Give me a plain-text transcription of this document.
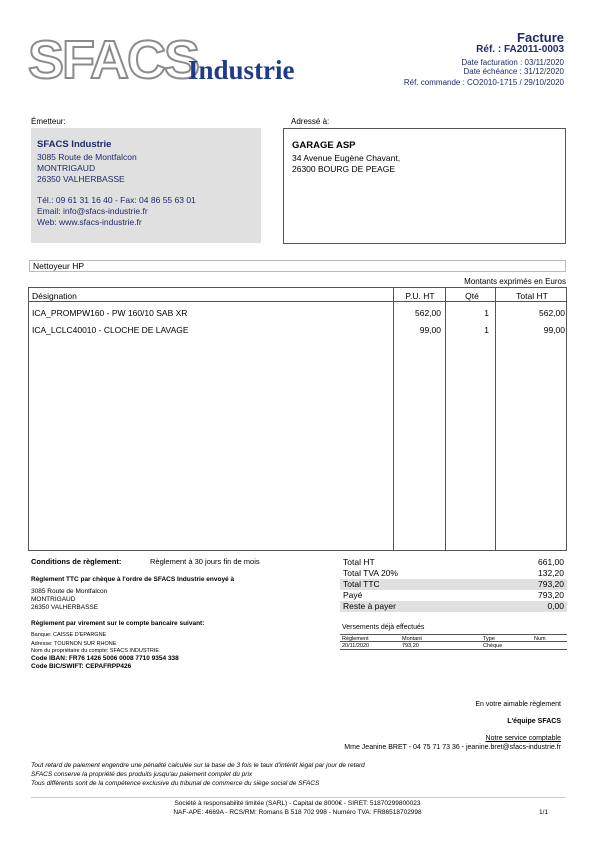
SFACS
Industrie
Facture
Réf. : FA2011-0003
Date facturation : 03/11/2020
Date échéance : 31/12/2020
Réf. commande : CO2010-1715 / 29/10/2020
Émetteur:
SFACS Industrie
3085 Route de Montfalcon
MONTRIGAUD
26350 VALHERBASSE
Tél.: 09 61 31 16 40 - Fax: 04 86 55 63 01
Email: info@sfacs-industrie.fr
Web: www.sfacs-industrie.fr
Adressé à:
GARAGE ASP
34 Avenue Eugène Chavant,
26300 BOURG DE PEAGE
Nettoyeur HP
Montants exprimés en Euros
Désignation	P.U. HT	Qté	Total HT
ICA_PROMPW160 - PW 160/10 SAB XR	562,00	1	562,00
ICA_LCLC40010 - CLOCHE DE LAVAGE	99,00	1	99,00
Conditions de règlement:	Règlement à 30 jours fin de mois
Règlement TTC par chèque à l'ordre de SFACS Industrie envoyé à
3085 Route de Montfalcon
MONTRIGAUD
26350 VALHERBASSE
Règlement par virement sur le compte bancaire suivant:
Banque: CAISSE D'EPARGNE
Adresse: TOURNON SUR RHONE
Nom du propriétaire du compte: SFACS INDUSTRIE
Code IBAN: FR76 1426 5006 0008 7710 9354 338
Code BIC/SWIFT: CEPAFRPP426
Total HT	661,00
Total TVA 20%	132,20
Total TTC	793,20
Payé	793,20
Reste à payer	0,00
Versements déjà effectués
Règlement	Montant	Type	Num
20/11/2020	793,20	Chèque
En votre aimable règlement
L'équipe SFACS
Notre service comptable
Mme Jeanine BRET - 04 75 71 73 36 - jeanine.bret@sfacs-industrie.fr
Tout retard de paiement engendre une pénalité calculée sur la base de 3 fois le taux d'intérêt légal par jour de retard
SFACS conserve la propriété des produits jusqu'au paiement complet du prix
Tous différents sont de la compétence exclusive du tribunal de commerce du siège social de SFACS
Société à responsabilité limitée (SARL) - Capital de 8000€ - SIRET: 51870299800023
NAF-APE: 4669A - RCS/RM: Romans B 518 702 998 - Numéro TVA: FR86518702998	1/1
